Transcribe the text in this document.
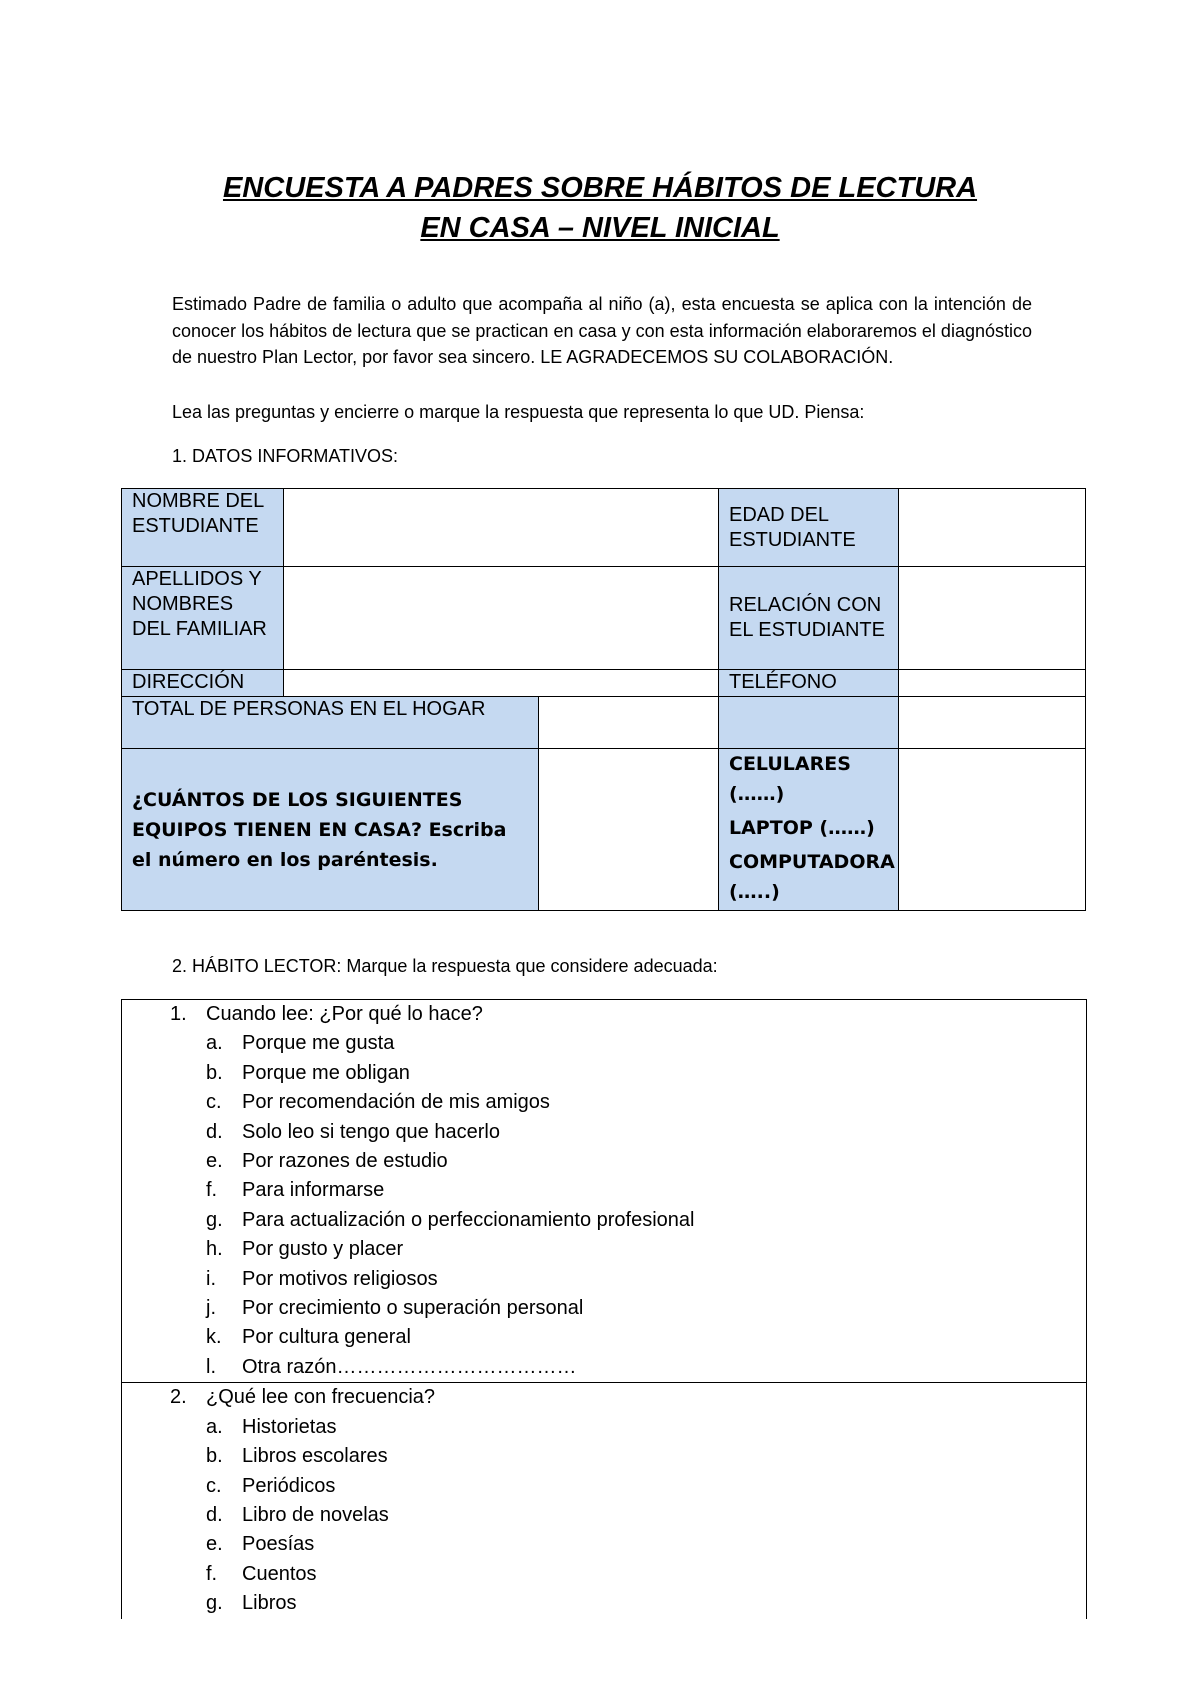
ENCUESTA A PADRES SOBRE HÁBITOS DE LECTURA
EN CASA – NIVEL INICIAL
Estimado Padre de familia o adulto que acompaña al niño (a), esta encuesta se aplica con la intención de conocer los hábitos de lectura que se practican en casa y con esta información elaboraremos el diagnóstico de nuestro Plan Lector, por favor sea sincero. LE AGRADECEMOS SU COLABORACIÓN.
Lea las preguntas y encierre o marque la respuesta que representa lo que UD. Piensa:
1. DATOS INFORMATIVOS:
NOMBRE DEL ESTUDIANTE			EDAD DEL ESTUDIANTE	
APELLIDOS Y NOMBRES DEL FAMILIAR			RELACIÓN CON EL ESTUDIANTE	
DIRECCIÓN			TELÉFONO	
TOTAL DE PERSONAS EN EL HOGAR				
¿CUÁNTOS DE LOS SIGUIENTES EQUIPOS TIENEN EN CASA? Escriba el número en los paréntesis.			CELULARES (……)
LAPTOP (……)
COMPUTADORA (…..)	

2. HÁBITO LECTOR: Marque la respuesta que considere adecuada:
1. Cuando lee: ¿Por qué lo hace?
a. Porque me gusta
b. Porque me obligan
c.	Por recomendación de mis amigos
d. Solo leo si tengo que hacerlo
e. Por razones de estudio
f.	Para informarse
g. Para actualización o perfeccionamiento profesional
h. Por gusto y placer
i.	Por motivos religiosos
j.	Por crecimiento o superación personal
k.	Por cultura general
l.	Otra razón………………………………
2. ¿Qué lee con frecuencia?
a. Historietas
b. Libros escolares
c.	Periódicos
d. Libro de novelas
e. Poesías
f.	Cuentos
g. Libros
